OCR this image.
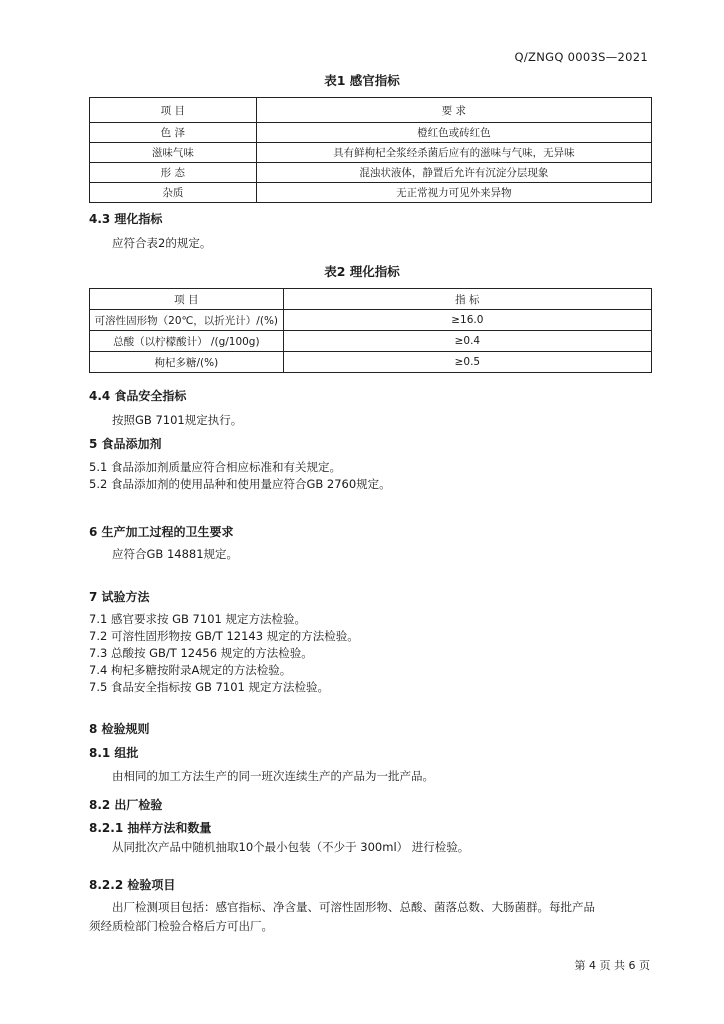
Q/ZNGQ 0003S—2021
表1 感官指标
项 目	要 求
色 泽	橙红色或砖红色
滋味气味	具有鲜枸杞全浆经杀菌后应有的滋味与气味，无异味
形 态	混浊状液体，静置后允许有沉淀分层现象
杂质	无正常视力可见外来异物
4.3 理化指标
应符合表2的规定。
表2 理化指标
项 目	指 标
可溶性固形物（20℃，以折光计）/(%)	≥16.0
总酸（以柠檬酸计） /(g/100g)	≥0.4
枸杞多糖/(%)	≥0.5
4.4 食品安全指标
按照GB 7101规定执行。
5 食品添加剂
5.1 食品添加剂质量应符合相应标准和有关规定。
5.2 食品添加剂的使用品种和使用量应符合GB 2760规定。
6 生产加工过程的卫生要求
应符合GB 14881规定。
7 试验方法
7.1 感官要求按 GB 7101 规定方法检验。
7.2 可溶性固形物按 GB/T 12143 规定的方法检验。
7.3 总酸按 GB/T 12456 规定的方法检验。
7.4 枸杞多糖按附录A规定的方法检验。
7.5 食品安全指标按 GB 7101 规定方法检验。
8 检验规则
8.1 组批
由相同的加工方法生产的同一班次连续生产的产品为一批产品。
8.2 出厂检验
8.2.1 抽样方法和数量
从同批次产品中随机抽取10个最小包装（不少于 300ml） 进行检验。
8.2.2 检验项目
出厂检测项目包括：感官指标、净含量、可溶性固形物、总酸、菌落总数、大肠菌群。每批产品
须经质检部门检验合格后方可出厂。
第 4 页 共 6 页
